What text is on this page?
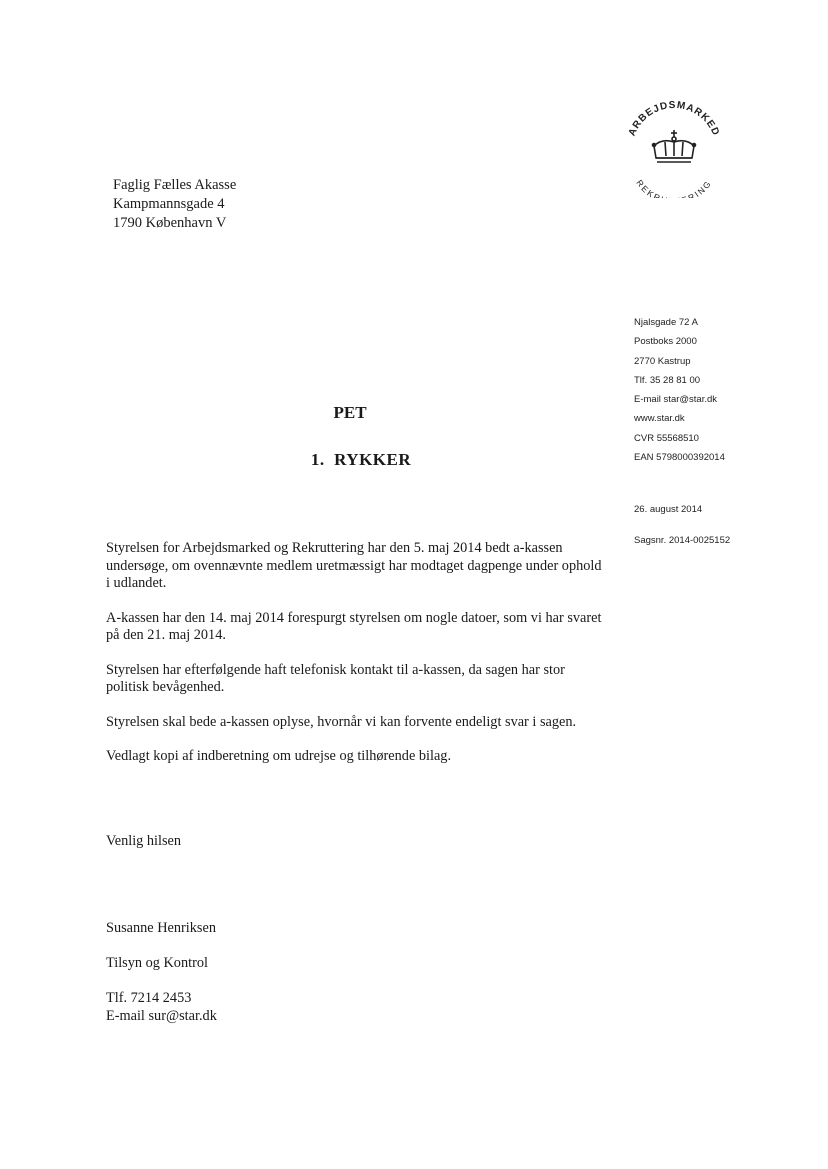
ARBEJDSMARKED
REKR RING
Faglig Fælles Akasse
Kampmannsgade 4
1790 København V
Njalsgade 72 A
Postboks 2000
2770 Kastrup
Tlf. 35 28 81 00
E-mail star@star.dk
www.star.dk
CVR 55568510
EAN 5798000392014
26. august 2014
Sagsnr. 2014-0025152
PET
1.  RYKKER

Styrelsen for Arbejdsmarked og Rekruttering har den 5. maj 2014 bedt a-kassen undersøge, om ovennævnte medlem uretmæssigt har modtaget dagpenge under ophold i udlandet.

A-kassen har den 14. maj 2014 forespurgt styrelsen om nogle datoer, som vi har svaret på den 21. maj 2014.

Styrelsen har efterfølgende haft telefonisk kontakt til a-kassen, da sagen har stor politisk bevågenhed.

Styrelsen skal bede a-kassen oplyse, hvornår vi kan forvente endeligt svar i sagen.

Vedlagt kopi af indberetning om udrejse og tilhørende bilag.

Venlig hilsen
Susanne Henriksen
Tilsyn og Kontrol
Tlf. 7214 2453
E-mail sur@star.dk
